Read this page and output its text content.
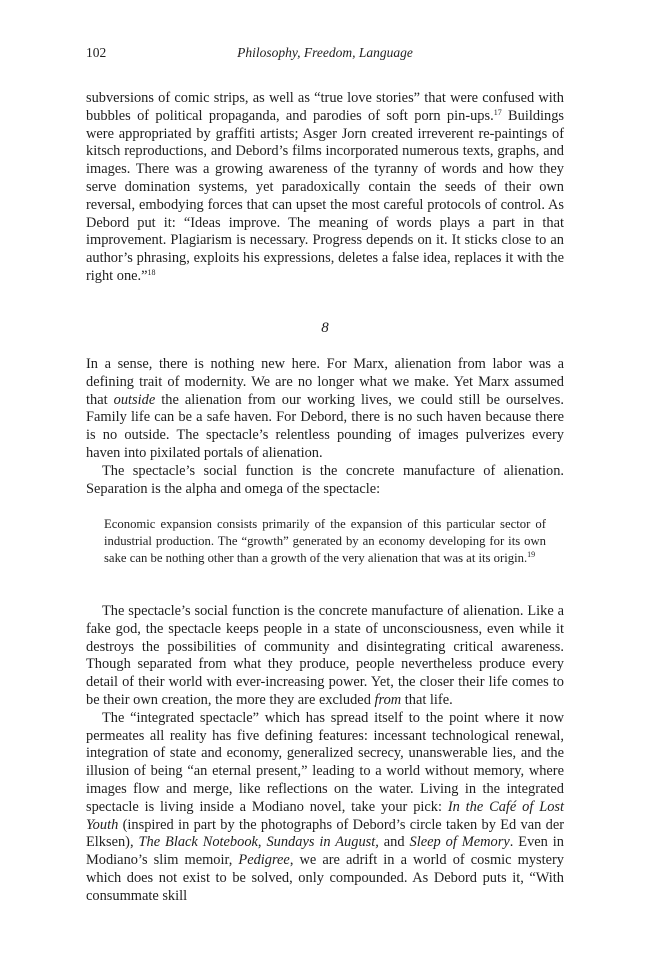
102	Philosophy, Freedom, Language

subversions of comic strips, as well as “true love stories” that were confused with bubbles of political propaganda, and parodies of soft porn pin-ups.$^{17}$ Buildings were appropriated by graffiti artists; Asger Jorn created irreverent re-paintings of kitsch reproductions, and Debord’s films incorporated numerous texts, graphs, and images. There was a growing awareness of the tyranny of words and how they serve domination systems, yet paradoxically contain the seeds of their own reversal, embodying forces that can upset the most careful protocols of control. As Debord put it: “Ideas improve. The meaning of words plays a part in that improvement. Plagiarism is necessary. Progress depends on it. It sticks close to an author’s phrasing, exploits his expressions, deletes a false idea, replaces it with the right one.”$^{18}$

8

In a sense, there is nothing new here. For Marx, alienation from labor was a defining trait of modernity. We are no longer what we make. Yet Marx assumed that outside the alienation from our working lives, we could still be ourselves. Family life can be a safe haven. For Debord, there is no such haven because there is no outside. The spectacle’s relentless pounding of images pulverizes every haven into pixilated portals of alienation.

The spectacle’s social function is the concrete manufacture of alienation. Separation is the alpha and omega of the spectacle:

Economic expansion consists primarily of the expansion of this particular sector of industrial production. The “growth” generated by an economy developing for its own sake can be nothing other than a growth of the very alienation that was at its origin.$^{19}$

The spectacle’s social function is the concrete manufacture of alienation. Like a fake god, the spectacle keeps people in a state of unconsciousness, even while it destroys the possibilities of community and disintegrating critical awareness. Though separated from what they produce, people nevertheless produce every detail of their world with ever-increasing power. Yet, the closer their life comes to be their own creation, the more they are excluded from that life.

The “integrated spectacle” which has spread itself to the point where it now permeates all reality has five defining features: incessant technological renewal, integration of state and economy, generalized secrecy, unanswerable lies, and the illusion of being “an eternal present,” leading to a world without memory, where images flow and merge, like reflections on the water. Living in the integrated spectacle is living inside a Modiano novel, take your pick: In the Café of Lost Youth (inspired in part by the photographs of Debord’s circle taken by Ed van der Elksen), The Black Notebook, Sundays in August, and Sleep of Memory. Even in Modiano’s slim memoir, Pedigree, we are adrift in a world of cosmic mystery which does not exist to be solved, only compounded. As Debord puts it, “With consummate skill
